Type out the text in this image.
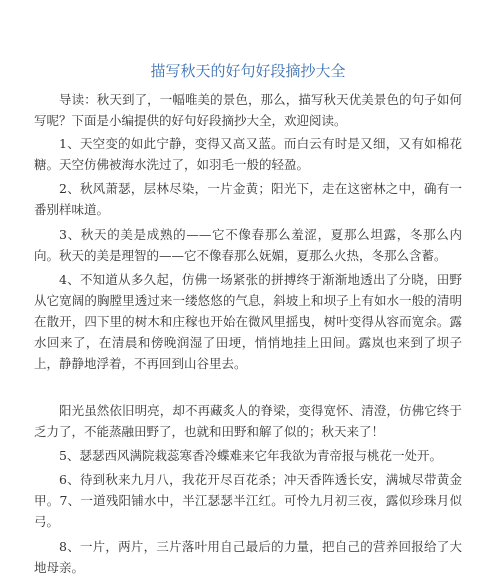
描写秋天的好句好段摘抄大全

导读：秋天到了，一幅唯美的景色，那么，描写秋天优美景色的句子如何写呢？下面是小编提供的好句好段摘抄大全，欢迎阅读。

1、天空变的如此宁静，变得又高又蓝。而白云有时是又细，又有如棉花糖。天空仿佛被海水洗过了，如羽毛一般的轻盈。

2、秋风萧瑟，层林尽染，一片金黄；阳光下，走在这密林之中，确有一番别样味道。

3、秋天的美是成熟的——它不像春那么羞涩，夏那么坦露，冬那么内向。秋天的美是理智的——它不像春那么妩媚，夏那么火热，冬那么含蓄。

4、不知道从多久起，仿佛一场紧张的拼搏终于渐渐地透出了分晓，田野从它宽阔的胸膛里透过来一缕悠悠的气息，斜坡上和坝子上有如水一般的清明在散开，四下里的树木和庄稼也开始在微风里摇曳，树叶变得从容而宽余。露水回来了，在清晨和傍晚润湿了田埂，悄悄地挂上田间。露岚也来到了坝子上，静静地浮着，不再回到山谷里去。

阳光虽然依旧明亮，却不再藏炙人的脊梁，变得宽怀、清澄，仿佛它终于乏力了，不能蒸融田野了，也就和田野和解了似的；秋天来了！

5、瑟瑟西风满院栽蕊寒香冷蝶难来它年我欲为青帝报与桃花一处开。

6、待到秋来九月八，我花开尽百花杀；冲天香阵透长安，满城尽带黄金甲。7、一道残阳铺水中，半江瑟瑟半江红。可怜九月初三夜，露似珍珠月似弓。

8、一片，两片，三片落叶用自己最后的力量，把自己的营养回报给了大地母亲。
